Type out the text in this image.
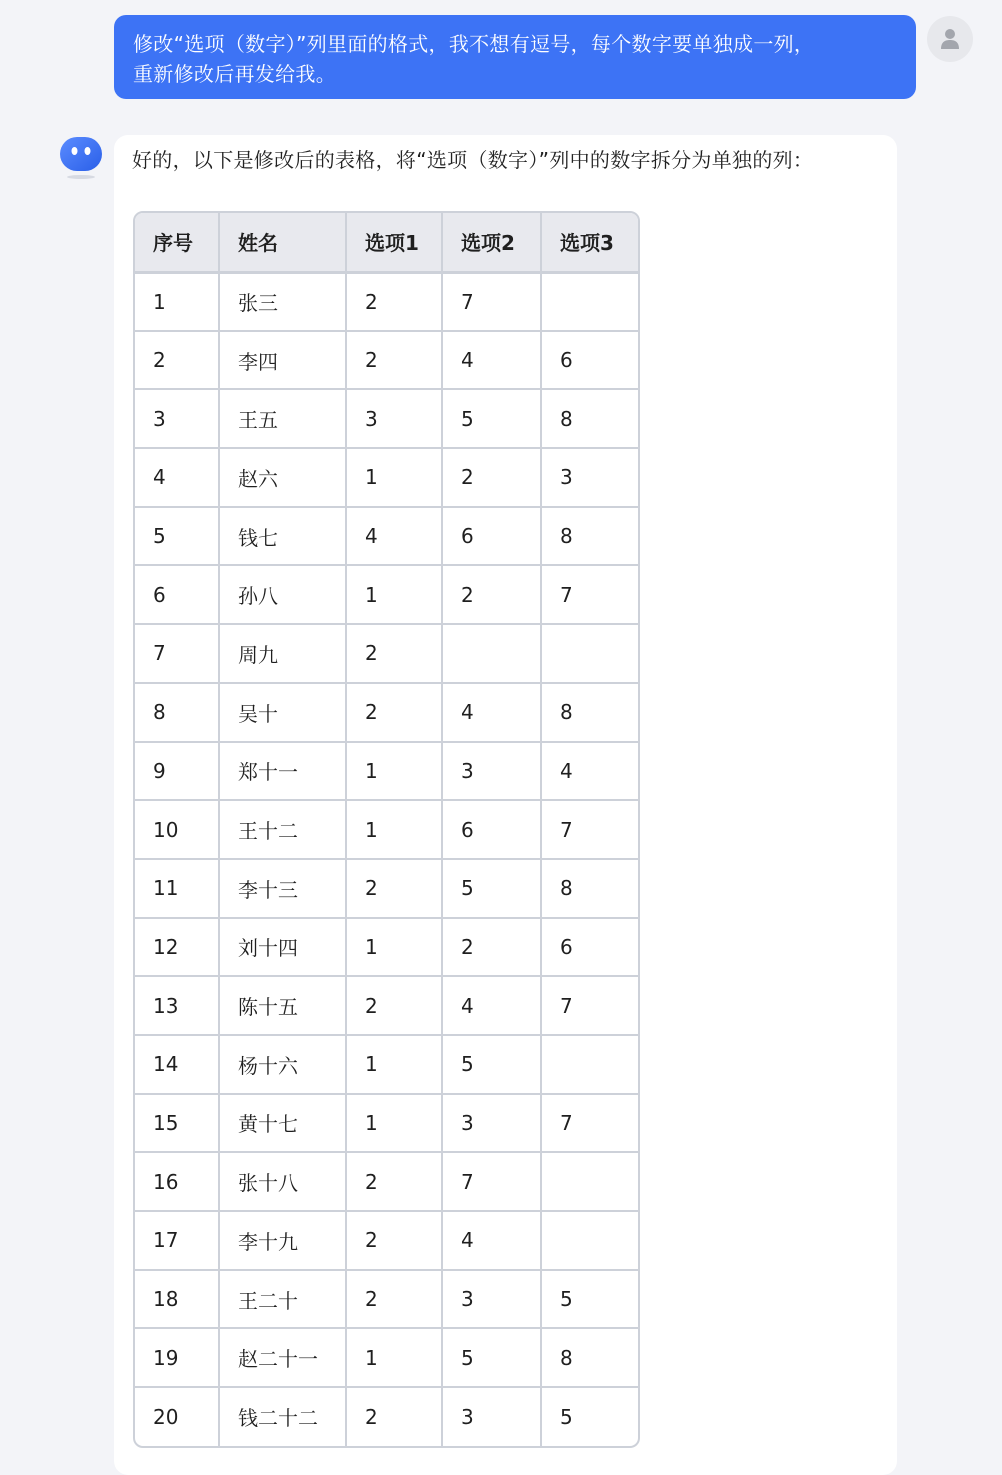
修改“选项（数字）”列里面的格式，我不想有逗号，每个数字要单独成一列，
重新修改后再发给我。
好的，以下是修改后的表格，将“选项（数字）”列中的数字拆分为单独的列：
序号	姓名	选项1	选项2	选项3
1	张三	2	7	
2	李四	2	4	6
3	王五	3	5	8
4	赵六	1	2	3
5	钱七	4	6	8
6	孙八	1	2	7
7	周九	2		
8	吴十	2	4	8
9	郑十一	1	3	4
10	王十二	1	6	7
11	李十三	2	5	8
12	刘十四	1	2	6
13	陈十五	2	4	7
14	杨十六	1	5	
15	黄十七	1	3	7
16	张十八	2	7	
17	李十九	2	4	
18	王二十	2	3	5
19	赵二十一	1	5	8
20	钱二十二	2	3	5
